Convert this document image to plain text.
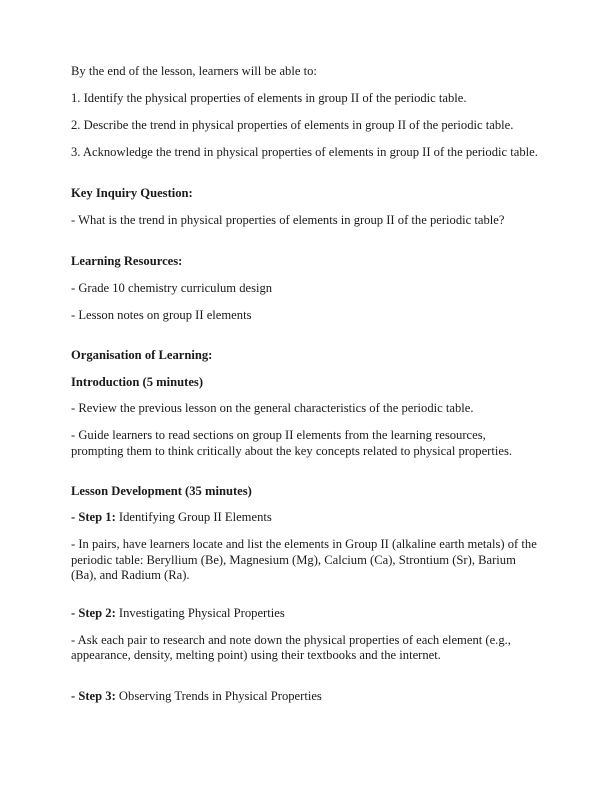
By the end of the lesson, learners will be able to:

1. Identify the physical properties of elements in group II of the periodic table.

2. Describe the trend in physical properties of elements in group II of the periodic table.

3. Acknowledge the trend in physical properties of elements in group II of the periodic table.

Key Inquiry Question:

- What is the trend in physical properties of elements in group II of the periodic table?

Learning Resources:

- Grade 10 chemistry curriculum design

- Lesson notes on group II elements

Organisation of Learning:

Introduction (5 minutes)

- Review the previous lesson on the general characteristics of the periodic table.

- Guide learners to read sections on group II elements from the learning resources, prompting them to think critically about the key concepts related to physical properties.

Lesson Development (35 minutes)

- Step 1: Identifying Group II Elements

- In pairs, have learners locate and list the elements in Group II (alkaline earth metals) of the periodic table: Beryllium (Be), Magnesium (Mg), Calcium (Ca), Strontium (Sr), Barium (Ba), and Radium (Ra).

- Step 2: Investigating Physical Properties

- Ask each pair to research and note down the physical properties of each element (e.g., appearance, density, melting point) using their textbooks and the internet.

- Step 3: Observing Trends in Physical Properties
